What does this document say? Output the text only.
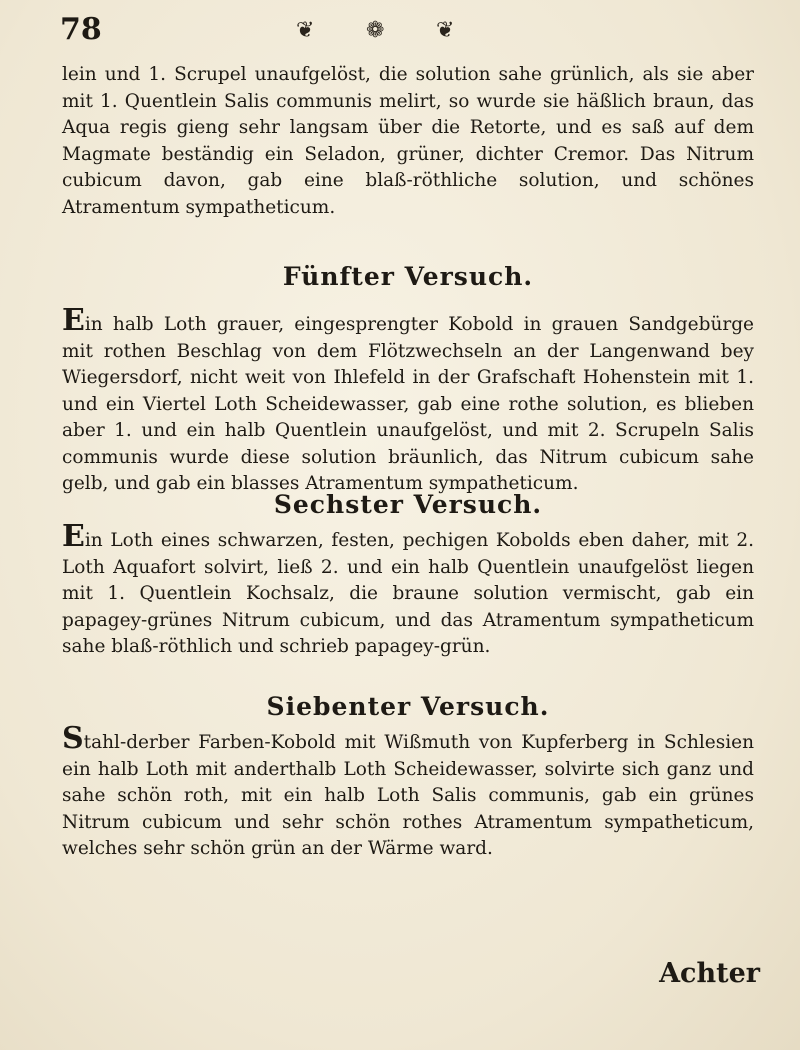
78	❦ ❁ ❦

lein und 1. Scrupel unaufgelöst, die solution sahe grünlich, als sie aber mit 1. Quentlein Salis communis melirt, so wurde sie häßlich braun, das Aqua regis gieng sehr langsam über die Retorte, und es saß auf dem Magmate beständig ein Seladon, grüner, dichter Cremor. Das Nitrum cubicum davon, gab eine blaß-röthliche solution, und schönes Atramentum sympatheticum.

Fünfter Versuch.

Ein halb Loth grauer, eingesprengter Kobold in grauen Sandgebürge mit rothen Beschlag von dem Flötzwechseln an der Langenwand bey Wiegersdorf, nicht weit von Ihlefeld in der Grafschaft Hohenstein mit 1. und ein Viertel Loth Scheidewasser, gab eine rothe solution, es blieben aber 1. und ein halb Quentlein unaufgelöst, und mit 2. Scrupeln Salis communis wurde diese solution bräunlich, das Nitrum cubicum sahe gelb, und gab ein blasses Atramentum sympatheticum.

Sechster Versuch.

Ein Loth eines schwarzen, festen, pechigen Kobolds eben daher, mit 2. Loth Aquafort solvirt, ließ 2. und ein halb Quentlein unaufgelöst liegen mit 1. Quentlein Kochsalz, die braune solution vermischt, gab ein papagey-grünes Nitrum cubicum, und das Atramentum sympatheticum sahe blaß-röthlich und schrieb papagey-grün.

Siebenter Versuch.

Stahl-derber Farben-Kobold mit Wißmuth von Kupferberg in Schlesien ein halb Loth mit anderthalb Loth Scheidewasser, solvirte sich ganz und sahe schön roth, mit ein halb Loth Salis communis, gab ein grünes Nitrum cubicum und sehr schön rothes Atramentum sympatheticum, welches sehr schön grün an der Wärme ward.

Achter
